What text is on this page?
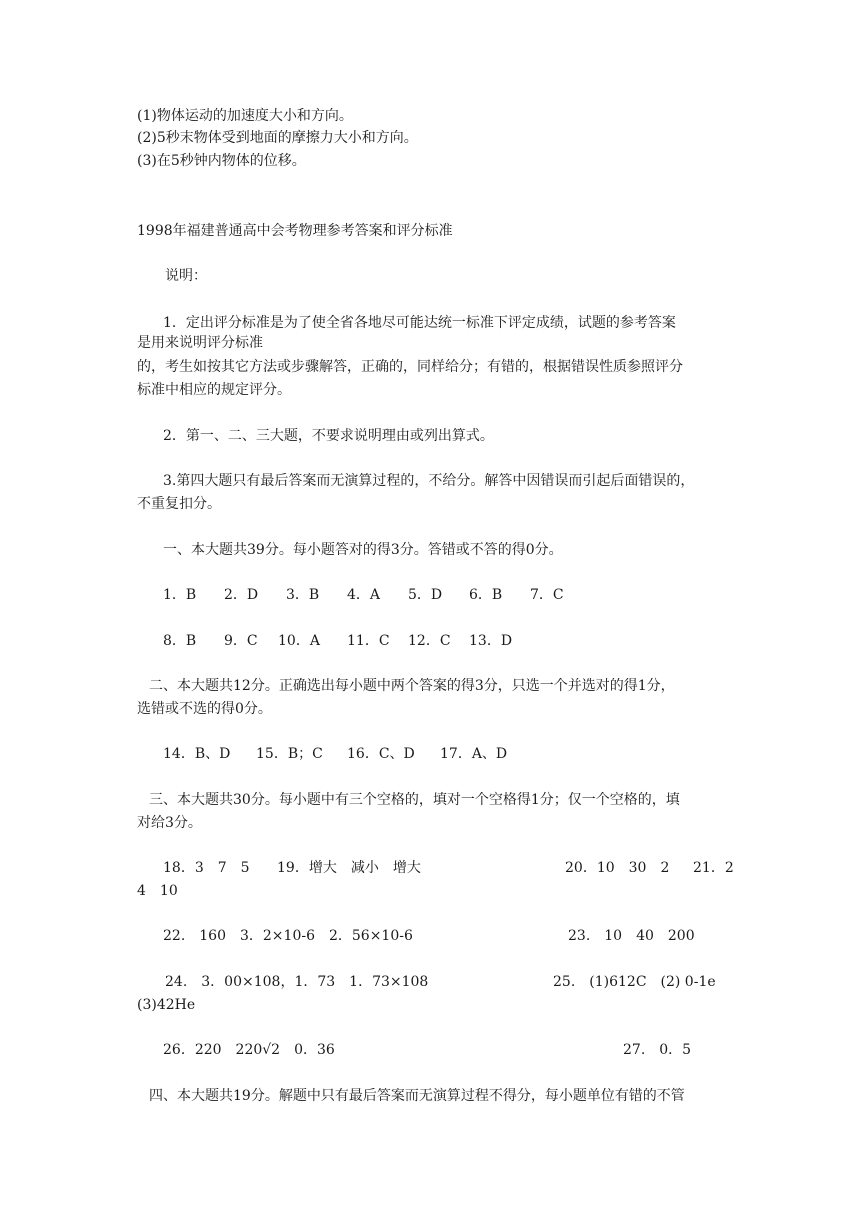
(1)物体运动的加速度大小和方向。
(2)5秒末物体受到地面的摩擦力大小和方向。
(3)在5秒钟内物体的位移。
1998年福建普通高中会考物理参考答案和评分标准
说明：
1．定出评分标准是为了使全省各地尽可能达统一标准下评定成绩，试题的参考答案
是用来说明评分标准
的，考生如按其它方法或步骤解答，正确的，同样给分；有错的，根据错误性质参照评分
标准中相应的规定评分。
2．第一、二、三大题，不要求说明理由或列出算式。
3.第四大题只有最后答案而无演算过程的，不给分。解答中因错误而引起后面错误的，
不重复扣分。
一、本大题共39分。每小题答对的得3分。答错或不答的得0分。
1．B 2．D 3．B 4．A 5．D 6．B 7．C
8．B 9．C 10．A 11．C 12．C 13．D
二、本大题共12分。正确选出每小题中两个答案的得3分，只选一个并选对的得1分，
选错或不选的得0分。
14．B、D 15．B；C 16．C、D 17．A、D
三、本大题共30分。每小题中有三个空格的，填对一个空格得1分；仅一个空格的，填
对给3分。
18．3　7　5 19．增大　减小　增大	20．10　30　2 21．2
4　10
22.　160　3．2×10-6　2．56×10-6	23.　10　40　200
24.　3．00×108，1．73　1．73×108	25.　(1)612C　(2) 0-1e
(3)42He
26．220　220√2　0．36	27.　0．5
四、本大题共19分。解题中只有最后答案而无演算过程不得分，每小题单位有错的不管
